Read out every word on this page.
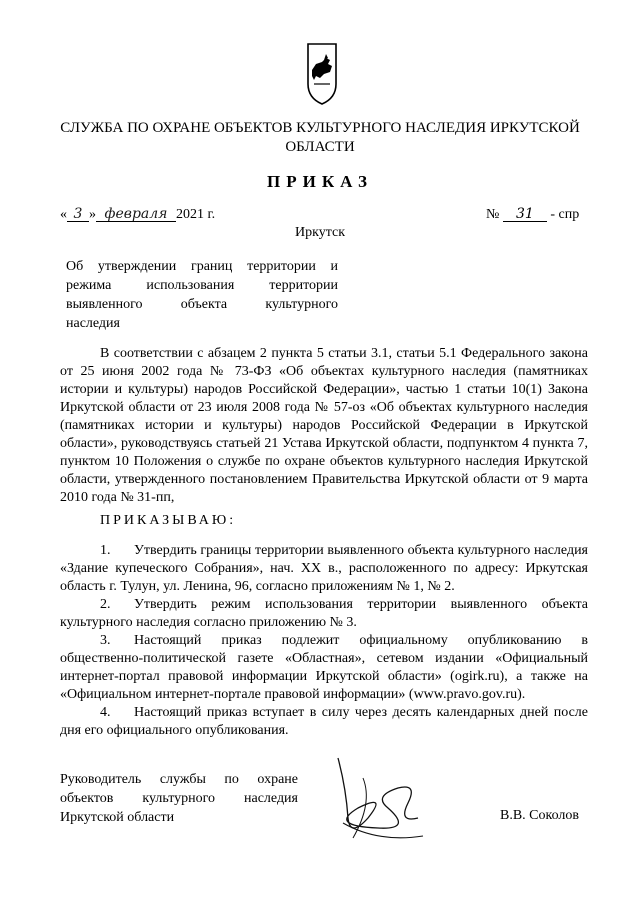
СЛУЖБА ПО ОХРАНЕ ОБЪЕКТОВ КУЛЬТУРНОГО НАСЛЕДИЯ ИРКУТСКОЙ ОБЛАСТИ
ПРИКАЗ
« 3 » февраля 2021 г.	№ 31 - спр
Иркутск
Об утверждении границ территории и
режима использования территории
выявленного объекта культурного
наследия

В соответствии с абзацем 2 пункта 5 статьи 3.1, статьи 5.1 Федерального закона от 25 июня 2002 года № 73-ФЗ «Об объектах культурного наследия (памятниках истории и культуры) народов Российской Федерации», частью 1 статьи 10(1) Закона Иркутской области от 23 июля 2008 года № 57-оз «Об объектах культурного наследия (памятниках истории и культуры) народов Российской Федерации в Иркутской области», руководствуясь статьей 21 Устава Иркутской области, подпунктом 4 пункта 7, пунктом 10 Положения о службе по охране объектов культурного наследия Иркутской области, утвержденного постановлением Правительства Иркутской области от 9 марта 2010 года № 31-пп,

ПРИКАЗЫВАЮ:

1. Утвердить границы территории выявленного объекта культурного наследия «Здание купеческого Собрания», нач. XX в., расположенного по адресу: Иркутская область г. Тулун, ул. Ленина, 96, согласно приложениям № 1, № 2.

2. Утвердить режим использования территории выявленного объекта культурного наследия согласно приложению № 3.

3. Настоящий приказ подлежит официальному опубликованию в общественно-политической газете «Областная», сетевом издании «Официальный интернет-портал правовой информации Иркутской области» (ogirk.ru), а также на «Официальном интернет-портале правовой информации» (www.pravo.gov.ru).

4. Настоящий приказ вступает в силу через десять календарных дней после дня его официального опубликования.

Руководитель службы по охране
объектов культурного наследия
Иркутской области	В.В. Соколов
